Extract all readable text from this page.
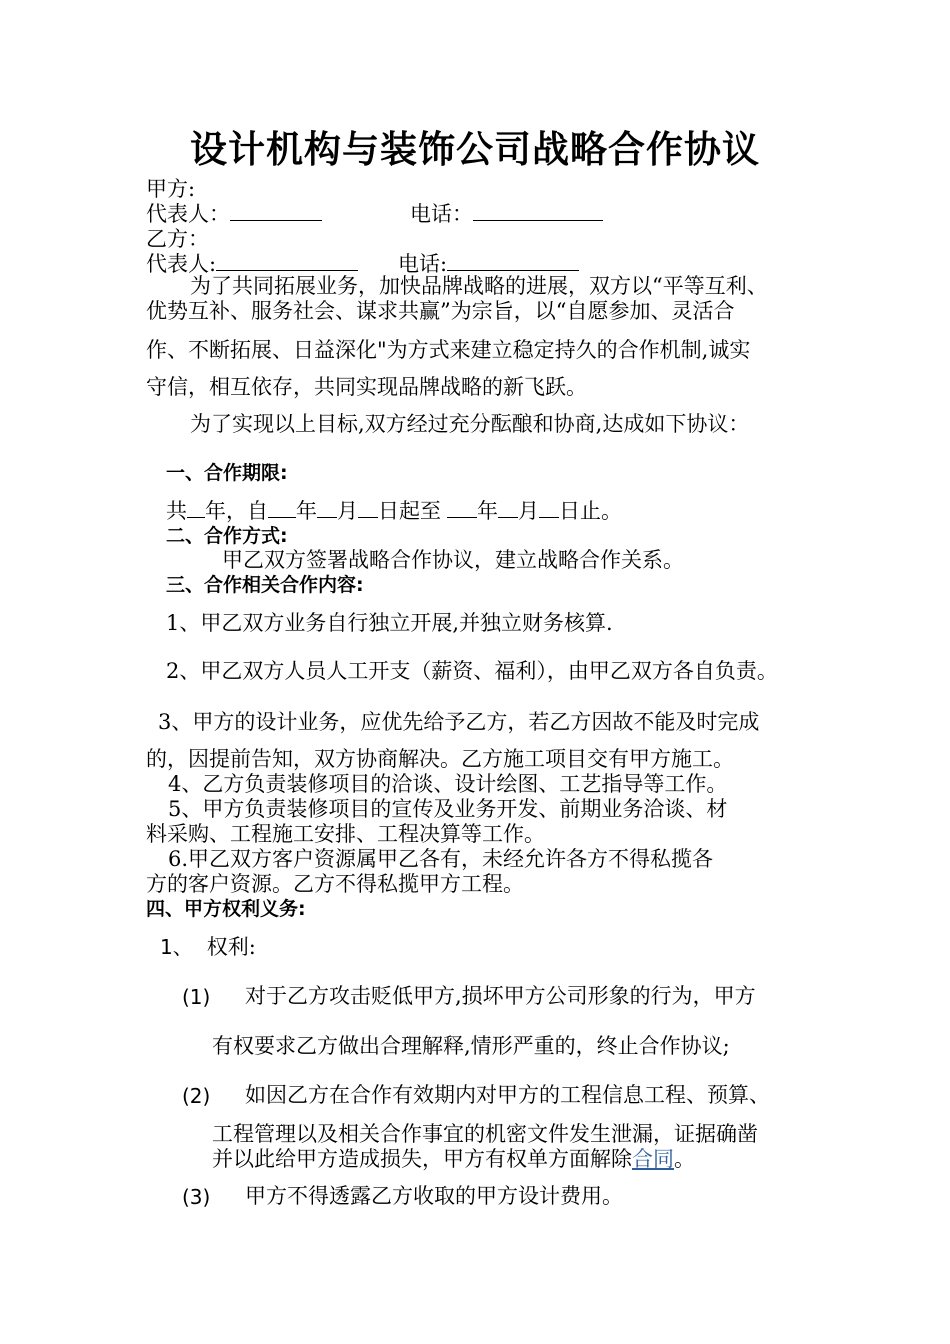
设计机构与装饰公司战略合作协议
甲方:
代表人：	电话：
乙方：
代表人:	电话:
为了共同拓展业务，加快品牌战略的进展，双方以“平等互利、
优势互补、服务社会、谋求共赢”为宗旨，以“自愿参加、灵活合
作、不断拓展、日益深化"为方式来建立稳定持久的合作机制,诚实
守信，相互依存，共同实现品牌战略的新飞跃。
为了实现以上目标,双方经过充分酝酿和协商,达成如下协议：
一、合作期限:
共 年，自 年 月 日起至 年 月 日止。
二、合作方式:
甲乙双方签署战略合作协议，建立战略合作关系。
三、合作相关合作内容:
1、甲乙双方业务自行独立开展,并独立财务核算.
2、甲乙双方人员人工开支（薪资、福利），由甲乙双方各自负责。
3、甲方的设计业务，应优先给予乙方，若乙方因故不能及时完成
的，因提前告知，双方协商解决。乙方施工项目交有甲方施工。
4、乙方负责装修项目的洽谈、设计绘图、工艺指导等工作。
5、甲方负责装修项目的宣传及业务开发、前期业务洽谈、材
料采购、工程施工安排、工程决算等工作。
6.甲乙双方客户资源属甲乙各有，未经允许各方不得私揽各
方的客户资源。乙方不得私揽甲方工程。
四、甲方权利义务:
1、 权利:
(1) 对于乙方攻击贬低甲方,损坏甲方公司形象的行为，甲方
有权要求乙方做出合理解释,情形严重的，终止合作协议;
(2) 如因乙方在合作有效期内对甲方的工程信息工程、预算、
工程管理以及相关合作事宜的机密文件发生泄漏，证据确凿
并以此给甲方造成损失，甲方有权单方面解除合同。
(3) 甲方不得透露乙方收取的甲方设计费用。
